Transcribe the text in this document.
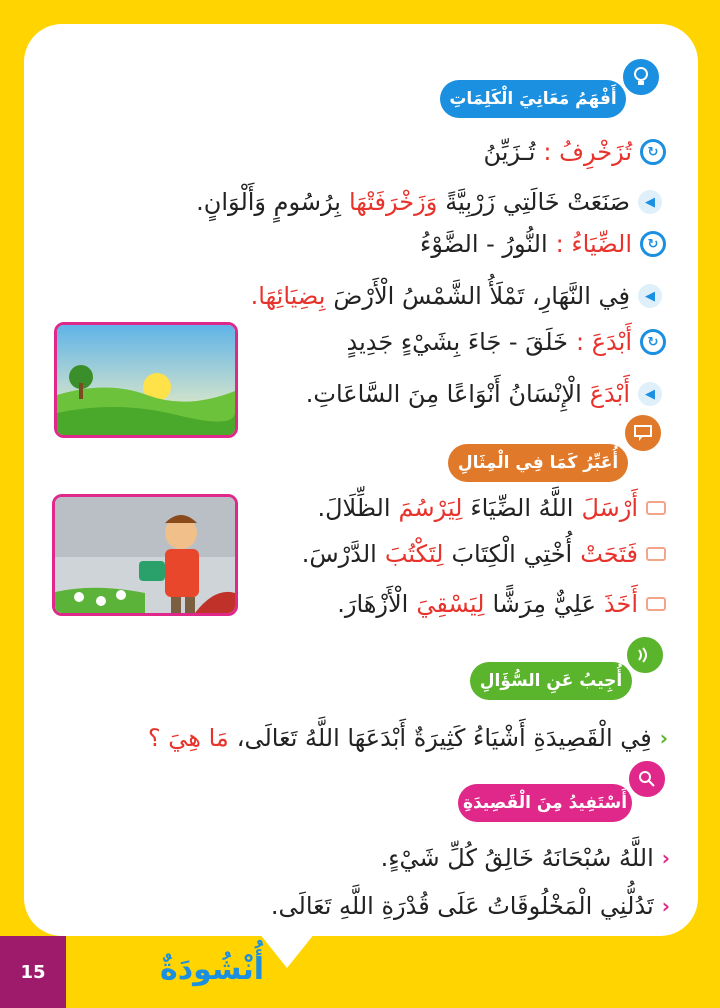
أَفْهَمُ مَعَانِيَ الْكَلِمَاتِ
↻
تُزَخْرِفُ :
تُـزَيِّنُ
◀
صَنَعَتْ خَالَتِي زَرْبِيَّةً
وَزَخْرَفَتْهَا
بِرُسُومٍ وَأَلْوَانٍ.
↻
الضِّيَاءُ :
النُّورُ - الضَّوْءُ
◀
فِي النَّهَارِ، تَمْلَأُ الشَّمْسُ الْأَرْضَ
بِضِيَائِهَا.
↻
أَبْدَعَ :
خَلَقَ - جَاءَ بِشَيْءٍ جَدِيدٍ
◀
أَبْدَعَ
الْإِنْسَانُ أَنْوَاعًا مِنَ السَّاعَاتِ.
أُعَبِّرُ كَمَا فِي الْمِثَالِ
أَرْسَلَ
اللَّهُ الضِّيَاءَ
لِيَرْسُمَ
الظِّلَالَ.
فَتَحَتْ
أُخْتِي الْكِتَابَ
لِتَكْتُبَ
الدَّرْسَ.
أَخَذَ
عَلِيٌّ مِرَشًّا
لِيَسْقِيَ
الْأَزْهَارَ.
أُجِيبُ عَنِ السُّؤَالِ
‹
فِي الْقَصِيدَةِ أَشْيَاءُ كَثِيرَةٌ أَبْدَعَهَا اللَّهُ تَعَالَى،
مَا هِيَ ؟
أَسْتَفِيدُ مِنَ الْقَصِيدَةِ
‹
اللَّهُ سُبْحَانَهُ خَالِقُ كُلِّ شَيْءٍ.
‹
تَدُلُّنِي الْمَخْلُوقَاتُ عَلَى قُدْرَةِ اللَّهِ تَعَالَى.
15	أُنْشُودَةٌ
